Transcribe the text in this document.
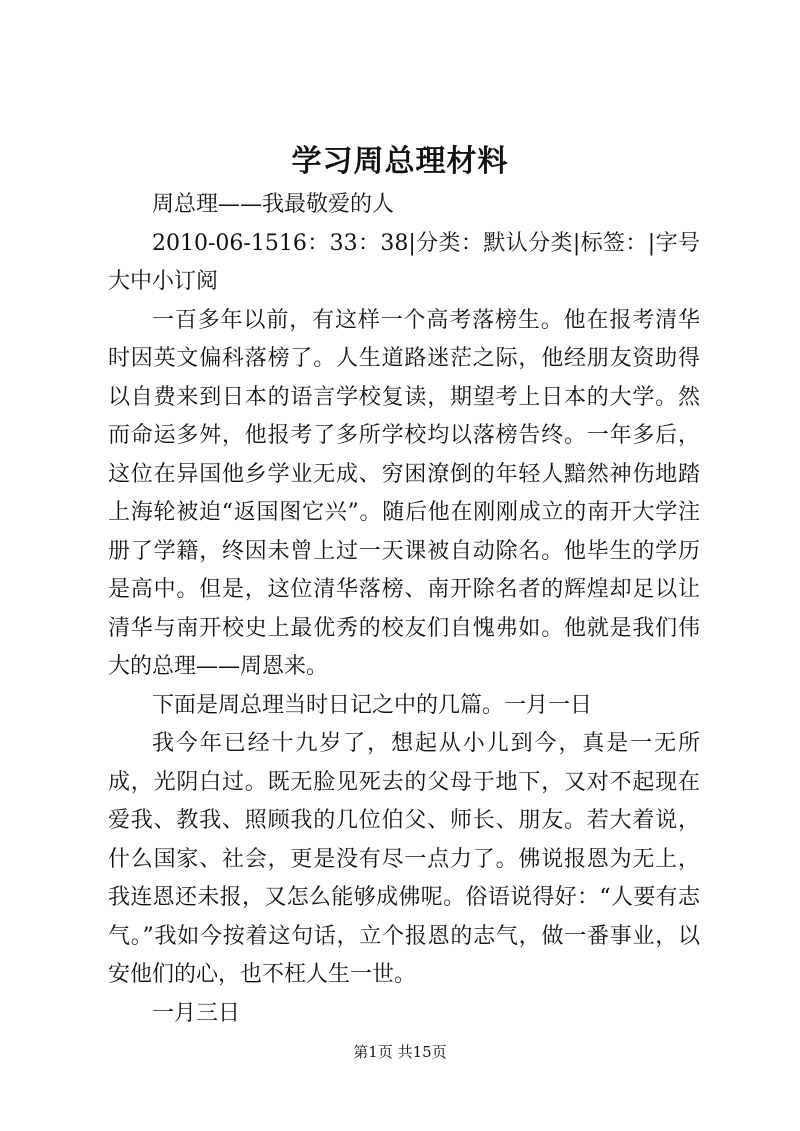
学习周总理材料

周总理——我最敬爱的人

2010-06-1516：33：38|分类：默认分类|标签：|字号大中小订阅

一百多年以前，有这样一个高考落榜生。他在报考清华时因英文偏科落榜了。人生道路迷茫之际，他经朋友资助得以自费来到日本的语言学校复读，期望考上日本的大学。然而命运多舛，他报考了多所学校均以落榜告终。一年多后，这位在异国他乡学业无成、穷困潦倒的年轻人黯然神伤地踏上海轮被迫“返国图它兴”。随后他在刚刚成立的南开大学注册了学籍，终因未曾上过一天课被自动除名。他毕生的学历是高中。但是，这位清华落榜、南开除名者的辉煌却足以让清华与南开校史上最优秀的校友们自愧弗如。他就是我们伟大的总理——周恩来。

下面是周总理当时日记之中的几篇。一月一日

我今年已经十九岁了，想起从小儿到今，真是一无所成，光阴白过。既无脸见死去的父母于地下，又对不起现在爱我、教我、照顾我的几位伯父、师长、朋友。若大着说，什么国家、社会，更是没有尽一点力了。佛说报恩为无上，我连恩还未报，又怎么能够成佛呢。俗语说得好：“人要有志气。”我如今按着这句话，立个报恩的志气，做一番事业，以安他们的心，也不枉人生一世。

一月三日

第1页 共15页
